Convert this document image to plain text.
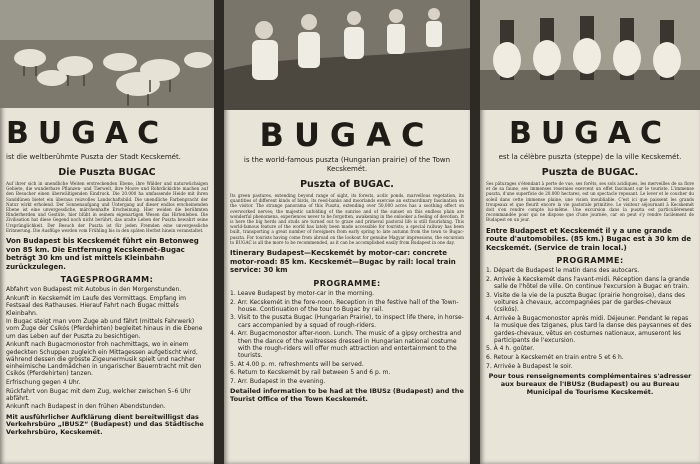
BUGAC
ist die weltberühmte Puszta der Stadt Kecskemét.
Die Puszta BUGAC
Auf ihrer sich in unendliche Weiten erstreckenden Ebene, ihre Wälder und naturwüchsigen Gebiete, die wunderbare Pflanzen- und Tierwelt, ihre Moore und Rohrdickichte machen auf den Besucher einen überwältigenden Eindruck. Die 20.000 ha umfassende Heide mit ihren Sanddünen bietet ein überaus reizvolles Landschaftsbild. Die unendliche Farbenpracht der Natur wirkt erholend. Der Sonnenaufgang und Untergang auf dieser endlos erscheinenden Ebene ist eine unvergessliche, märchenhafte Erscheinung. Hier weiden die berühmten Rinderherden und Gestüte, hier blüht in seinem eigenartigen Wesen das Hirtenleben. Die Zivilisation hat diese Gegend noch nicht berührt, das uralte Leben der Puszta bewahrt seine Ursprünglichkeit. Der Besuch der Puszta ist für jeden Fremden eine unvergessliche Erinnerung. Die Ausflüge werden vom Frühling bis in den späten Herbst hinein veranstaltet.
Von Budapest bis Kecskemét führt ein Betonweg von 85 km. Die Entfernung Kecskemét–Bugac beträgt 30 km und ist mittels Kleinbahn zurückzulegen.
TAGESPROGRAMM:
Abfahrt von Budapest mit Autobus in den Morgenstunden.
Ankunft in Kecskemét im Laufe des Vormittags. Empfang im Festsaal des Rathauses. Hierauf Fahrt nach Bugac mittels Kleinbahn.
In Bugac steigt man vom Zuge ab und fährt (mittels Fahrwerk) vom Zuge der Csikós (Pferdehirten) begleitet hinaus in die Ebene um das Leben auf der Puszta zu besichtigen.
Ankunft nach Bugacmonostor froh nachmittags, wo in einem gedeckten Schuppen zugleich ein Mittagessen aufgetischt wird, während dessen die grösste Zigeunermusik spielt und nachher einheimische Landmädchen in ungarischer Bauerntracht mit den Csikós (Pferdehirten) tanzen.
Erfrischung gegen 4 Uhr.
Rückfahrt von Bugac mit dem Zug, welcher zwischen 5–6 Uhr abfährt.
Ankunft nach Budapest in den frühen Abendstunden.
Mit ausführlicher Aufklärung dient bereitwilligst das Verkehrsbüro „IBUSZ“ (Budapest) und das Städtische Verkehrsbüro, Kecskemét.
BUGAC
is the world-famous puszta (Hungarian prairie) of the Town Kecskemét.
Puszta of BUGAC.
Its green pastures, extending beyond range of sight, its forests, acdic ponds, marvellous vegetation, its quantities of different kinds of birds, its reed-banks and moorlands exercise an extraordinary fascination on the visitor. The strange panorama of this Puszta, extending over 50,000 acres has a soothing effect on overworked nerves; the majestic unfolding of the sunrise and of the sunset on this endless plain are wonderful phenomena, experiences never to be forgotten, awakening in the onlooker a feeling of devotion. It is here the big herds and studs are turned out to graze and primeval pastoral life is still flourishing. This world-famous feature of the world has lately been made accessible for tourists; a special railway has been built, transporting a great number of foreigners from early spring to late autumn from the town to Bugac-puszta. For tourists having come from abroad on the lookout for genuine Magyar impressions, the excursion to BUGAC is all the more to be recommended, as it can be accomplished easily from Budapest in one day.
Itinerary Budapest—Kecskemét by motor-car: concrete motor-road: 85 km. Kecskemét—Bugac by rail: local train service: 30 km
PROGRAMME:
1. Leave Budapest by motor-car in the morning.
2. Arr. Kecskemét in the fore-noon. Reception in the festive hall of the Town-house. Continuation of the tour to Bugac by rail.
3. Visit to the puszta Bugac (Hungarian Prairie), to inspect life there, in horse-cars accompanied by a squad of rough-riders.
4. Arr. Bugacmonostor after-noon. Lunch. The music of a gipsy orchestra and then the dance of the waitresses dressed in Hungarian national costume with the rough-riders will offer much attraction and entertainment to the tourists.
5. At 4.00 p. m. refreshments will be served.
6. Return to Kecskemét by rail between 5 and 6 p. m.
7. Arr. Budapest in the evening.
Detailed information to be had at the IBUSz (Budapest) and the Tourist Office of the Town Kecskemét.
BUGAC
est la célèbre puszta (steppe) de la ville Kecskemét.
Puszta de BUGAC.
Ses pâturages s'étendant à perte de vue, ses forêts, ses sols acidiques, les merveilles de sa flore et de sa faune, ses immenses roseraies exercent un effet fascinant sur le touriste. L'immense puszta, d'une superficie de 20.000 hectares, est un spectacle reposant. Le lever et le coucher du soleil dans cette immense plaine, une vision inoubliable. C'est ici que paissent les grands troupeaux et que fleurit encore la vie pastorale primitive. Le visiteur séjournant à Kecskemét doit s'en rendre compte lui-même. Une excursion dans la puszta est particulièrement recommandée pour qui ne dispose que d'une journée, car on peut s'y rendre facilement de Budapest en un jour.
Entre Budapest et Kecskemét il y a une grande route d'automobiles. (85 km.) Bugac est à 30 km de Kecskemét. (Service de train local.)
PROGRAMME:
1. Départ de Budapest le matin dans des autocars.
2. Arrivée à Kecskemét dans l'avant-midi. Réception dans la grande salle de l'hôtel de ville. On continue l'excursion à Bugac en train.
3. Visite de la vie de la puszta Bugac (prairie hongroise), dans des voitures à chevaux, accompagnées par de gardes-chevaux (csikós).
4. Arrivée à Bugacmonostor après midi. Déjeuner. Pendant le repas la musique des tziganes, plus tard la danse des paysannes et des gardes-chevaux, vêtus en costumes nationaux, amuseront les participants de l'excursion.
5. À 4 h. goûter.
6. Retour à Kecskemét en train entre 5 et 6 h.
7. Arrivée à Budapest le soir.
Pour tous renseignements complémentaires s'adresser aux bureaux de l'IBUSz (Budapest) ou au Bureau Municipal de Tourisme Kecskemét.
